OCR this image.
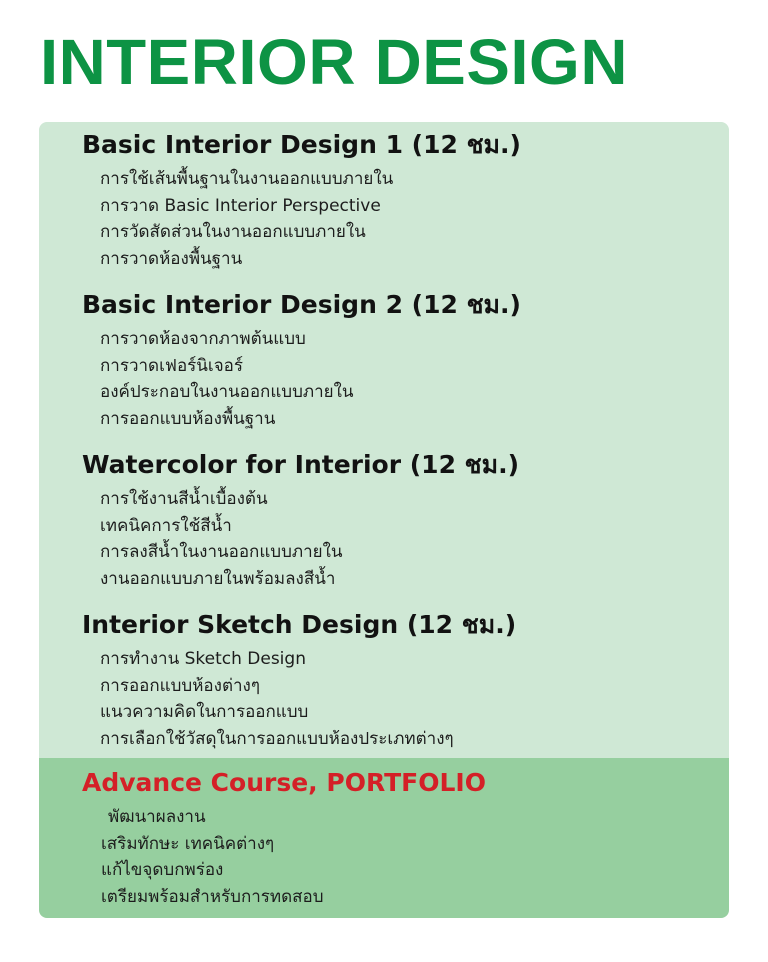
INTERIOR DESIGN
Basic Interior Design 1 (12 ชม.)
การใช้เส้นพื้นฐานในงานออกแบบภายใน
การวาด Basic Interior Perspective
การวัดสัดส่วนในงานออกแบบภายใน
การวาดห้องพื้นฐาน
Basic Interior Design 2 (12 ชม.)
การวาดห้องจากภาพต้นแบบ
การวาดเฟอร์นิเจอร์
องค์ประกอบในงานออกแบบภายใน
การออกแบบห้องพื้นฐาน
Watercolor for Interior (12 ชม.)
การใช้งานสีน้ำเบื้องต้น
เทคนิคการใช้สีน้ำ
การลงสีน้ำในงานออกแบบภายใน
งานออกแบบภายในพร้อมลงสีน้ำ
Interior Sketch Design (12 ชม.)
การทำงาน Sketch Design
การออกแบบห้องต่างๆ
แนวความคิดในการออกแบบ
การเลือกใช้วัสดุในการออกแบบห้องประเภทต่างๆ
Advance Course, PORTFOLIO
พัฒนาผลงาน
เสริมทักษะ เทคนิคต่างๆ
แก้ไขจุดบกพร่อง
เตรียมพร้อมสำหรับการทดสอบ
